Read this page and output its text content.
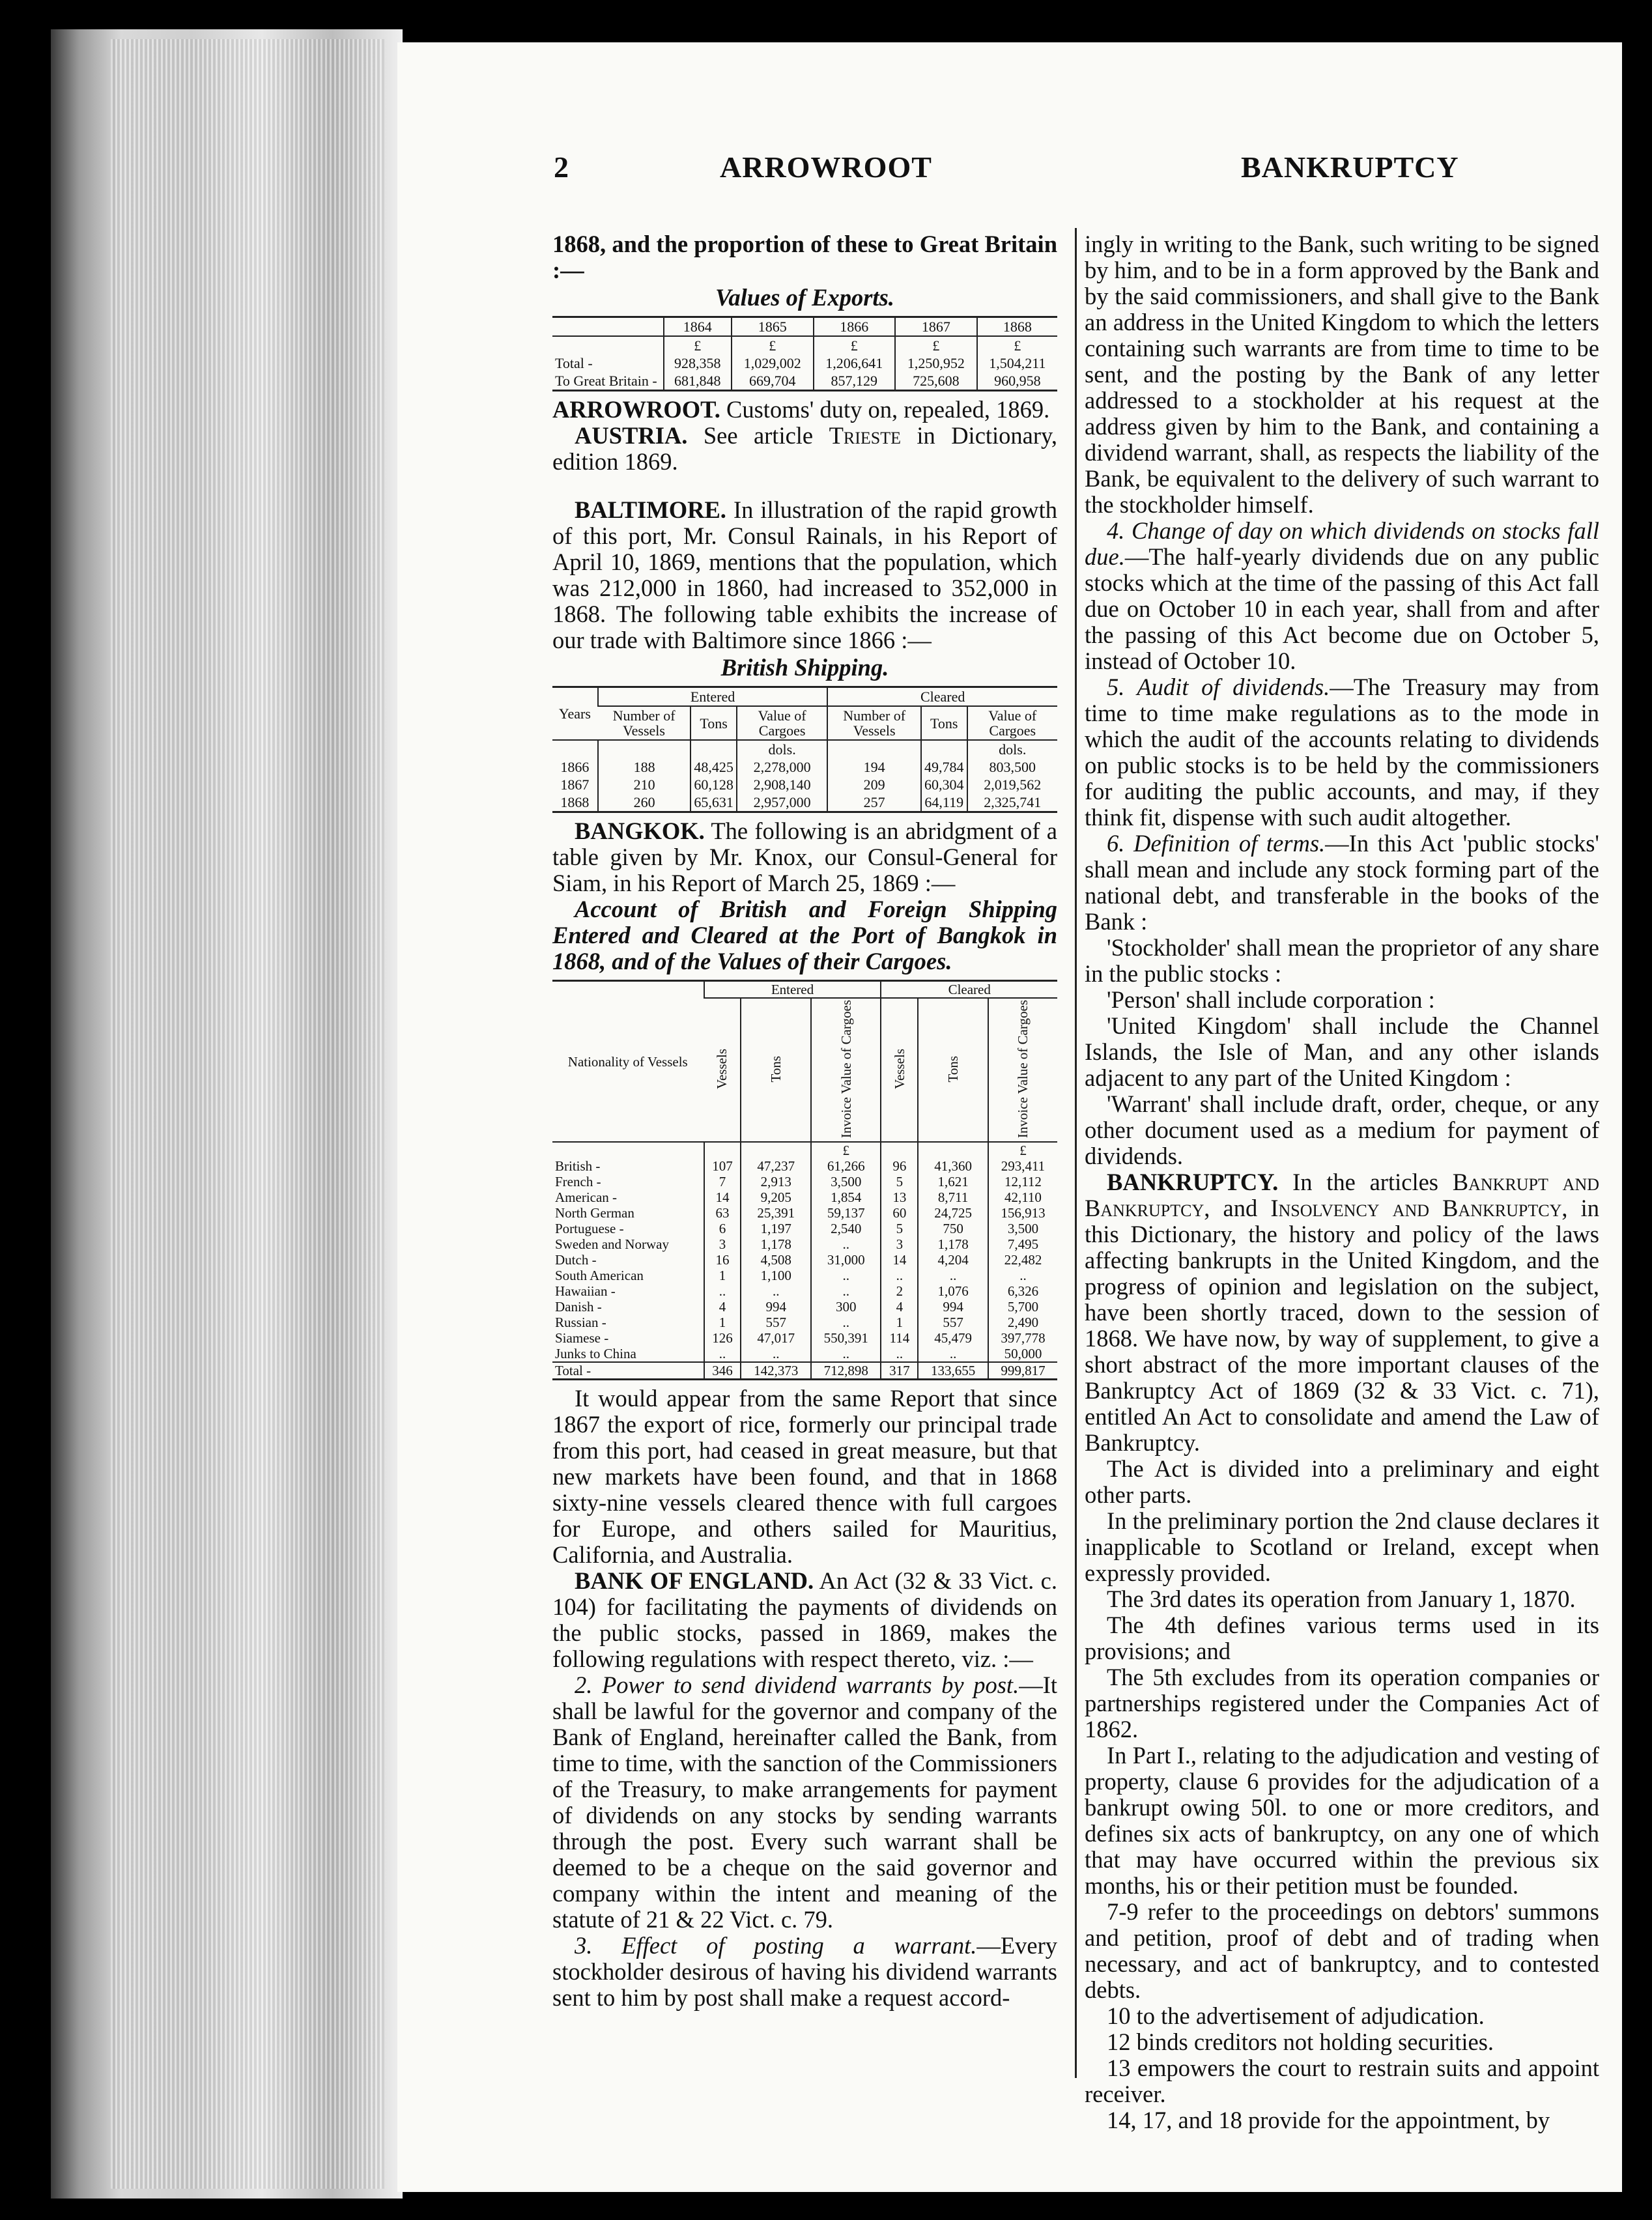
2	ARROWROOT	BANKRUPTCY

1868, and the proportion of these to Great Britain :—

Values of Exports.
	1864	1865	1866	1867	1868
	£	£	£	£	£
Total -	928,358	1,029,002	1,206,641	1,250,952	1,504,211
To Great Britain -	681,848	669,704	857,129	725,608	960,958

ARROWROOT. Customs' duty on, repealed, 1869.

AUSTRIA. See article Trieste in Dictionary, edition 1869.

BALTIMORE. In illustration of the rapid growth of this port, Mr. Consul Rainals, in his Report of April 10, 1869, mentions that the population, which was 212,000 in 1860, had increased to 352,000 in 1868. The following table exhibits the increase of our trade with Baltimore since 1866 :—

British Shipping.
Years	Entered			Cleared		
	Number of Vessels	Tons	Value of Cargoes	Number of Vessels	Tons	Value of Cargoes
			dols.			dols.
1866	188	48,425	2,278,000	194	49,784	803,500
1867	210	60,128	2,908,140	209	60,304	2,019,562
1868	260	65,631	2,957,000	257	64,119	2,325,741

BANGKOK. The following is an abridgment of a table given by Mr. Knox, our Consul-General for Siam, in his Report of March 25, 1869 :—

Account of British and Foreign Shipping Entered and Cleared at the Port of Bangkok in 1868, and of the Values of their Cargoes.

Nationality of Vessels	Entered			Cleared		
	Vessels	Tons	Invoice Value of Cargoes	Vessels	Tons	Invoice Value of Cargoes
			£			£
British -	107	47,237	61,266	96	41,360	293,411
French -	7	2,913	3,500	5	1,621	12,112
American -	14	9,205	1,854	13	8,711	42,110
North German	63	25,391	59,137	60	24,725	156,913
Portuguese -	6	1,197	2,540	5	750	3,500
Sweden and Norway	3	1,178	..	3	1,178	7,495
Dutch -	16	4,508	31,000	14	4,204	22,482
South American	1	1,100	..	..	..	..
Hawaiian -	..	..	..	2	1,076	6,326
Danish -	4	994	300	4	994	5,700
Russian -	1	557	..	1	557	2,490
Siamese -	126	47,017	550,391	114	45,479	397,778
Junks to China	..	..	..	..	..	50,000
Total -	346	142,373	712,898	317	133,655	999,817

It would appear from the same Report that since 1867 the export of rice, formerly our principal trade from this port, had ceased in great measure, but that new markets have been found, and that in 1868 sixty-nine vessels cleared thence with full cargoes for Europe, and others sailed for Mauritius, California, and Australia.

BANK OF ENGLAND. An Act (32 & 33 Vict. c. 104) for facilitating the payments of dividends on the public stocks, passed in 1869, makes the following regulations with respect thereto, viz. :—

2. Power to send dividend warrants by post.—It shall be lawful for the governor and company of the Bank of England, hereinafter called the Bank, from time to time, with the sanction of the Commissioners of the Treasury, to make arrangements for payment of dividends on any stocks by sending warrants through the post. Every such warrant shall be deemed to be a cheque on the said governor and company within the intent and meaning of the statute of 21 & 22 Vict. c. 79.

3. Effect of posting a warrant.—Every stockholder desirous of having his dividend warrants sent to him by post shall make a request accord-

ingly in writing to the Bank, such writing to be signed by him, and to be in a form approved by the Bank and by the said commissioners, and shall give to the Bank an address in the United Kingdom to which the letters containing such warrants are from time to time to be sent, and the posting by the Bank of any letter addressed to a stockholder at his request at the address given by him to the Bank, and containing a dividend warrant, shall, as respects the liability of the Bank, be equivalent to the delivery of such warrant to the stockholder himself.

4. Change of day on which dividends on stocks fall due.—The half-yearly dividends due on any public stocks which at the time of the passing of this Act fall due on October 10 in each year, shall from and after the passing of this Act become due on October 5, instead of October 10.

5. Audit of dividends.—The Treasury may from time to time make regulations as to the mode in which the audit of the accounts relating to dividends on public stocks is to be held by the commissioners for auditing the public accounts, and may, if they think fit, dispense with such audit altogether.

6. Definition of terms.—In this Act 'public stocks' shall mean and include any stock forming part of the national debt, and transferable in the books of the Bank :

'Stockholder' shall mean the proprietor of any share in the public stocks :

'Person' shall include corporation :

'United Kingdom' shall include the Channel Islands, the Isle of Man, and any other islands adjacent to any part of the United Kingdom :

'Warrant' shall include draft, order, cheque, or any other document used as a medium for payment of dividends.

BANKRUPTCY. In the articles Bankrupt and Bankruptcy, and Insolvency and Bankruptcy, in this Dictionary, the history and policy of the laws affecting bankrupts in the United Kingdom, and the progress of opinion and legislation on the subject, have been shortly traced, down to the session of 1868. We have now, by way of supplement, to give a short abstract of the more important clauses of the Bankruptcy Act of 1869 (32 & 33 Vict. c. 71), entitled An Act to consolidate and amend the Law of Bankruptcy.

The Act is divided into a preliminary and eight other parts.

In the preliminary portion the 2nd clause declares it inapplicable to Scotland or Ireland, except when expressly provided.

The 3rd dates its operation from January 1, 1870.

The 4th defines various terms used in its provisions; and

The 5th excludes from its operation companies or partnerships registered under the Companies Act of 1862.

In Part I., relating to the adjudication and vesting of property, clause 6 provides for the adjudication of a bankrupt owing 50l. to one or more creditors, and defines six acts of bankruptcy, on any one of which that may have occurred within the previous six months, his or their petition must be founded.

7-9 refer to the proceedings on debtors' summons and petition, proof of debt and of trading when necessary, and act of bankruptcy, and to contested debts.

10 to the advertisement of adjudication.

12 binds creditors not holding securities.

13 empowers the court to restrain suits and appoint receiver.

14, 17, and 18 provide for the appointment, by
